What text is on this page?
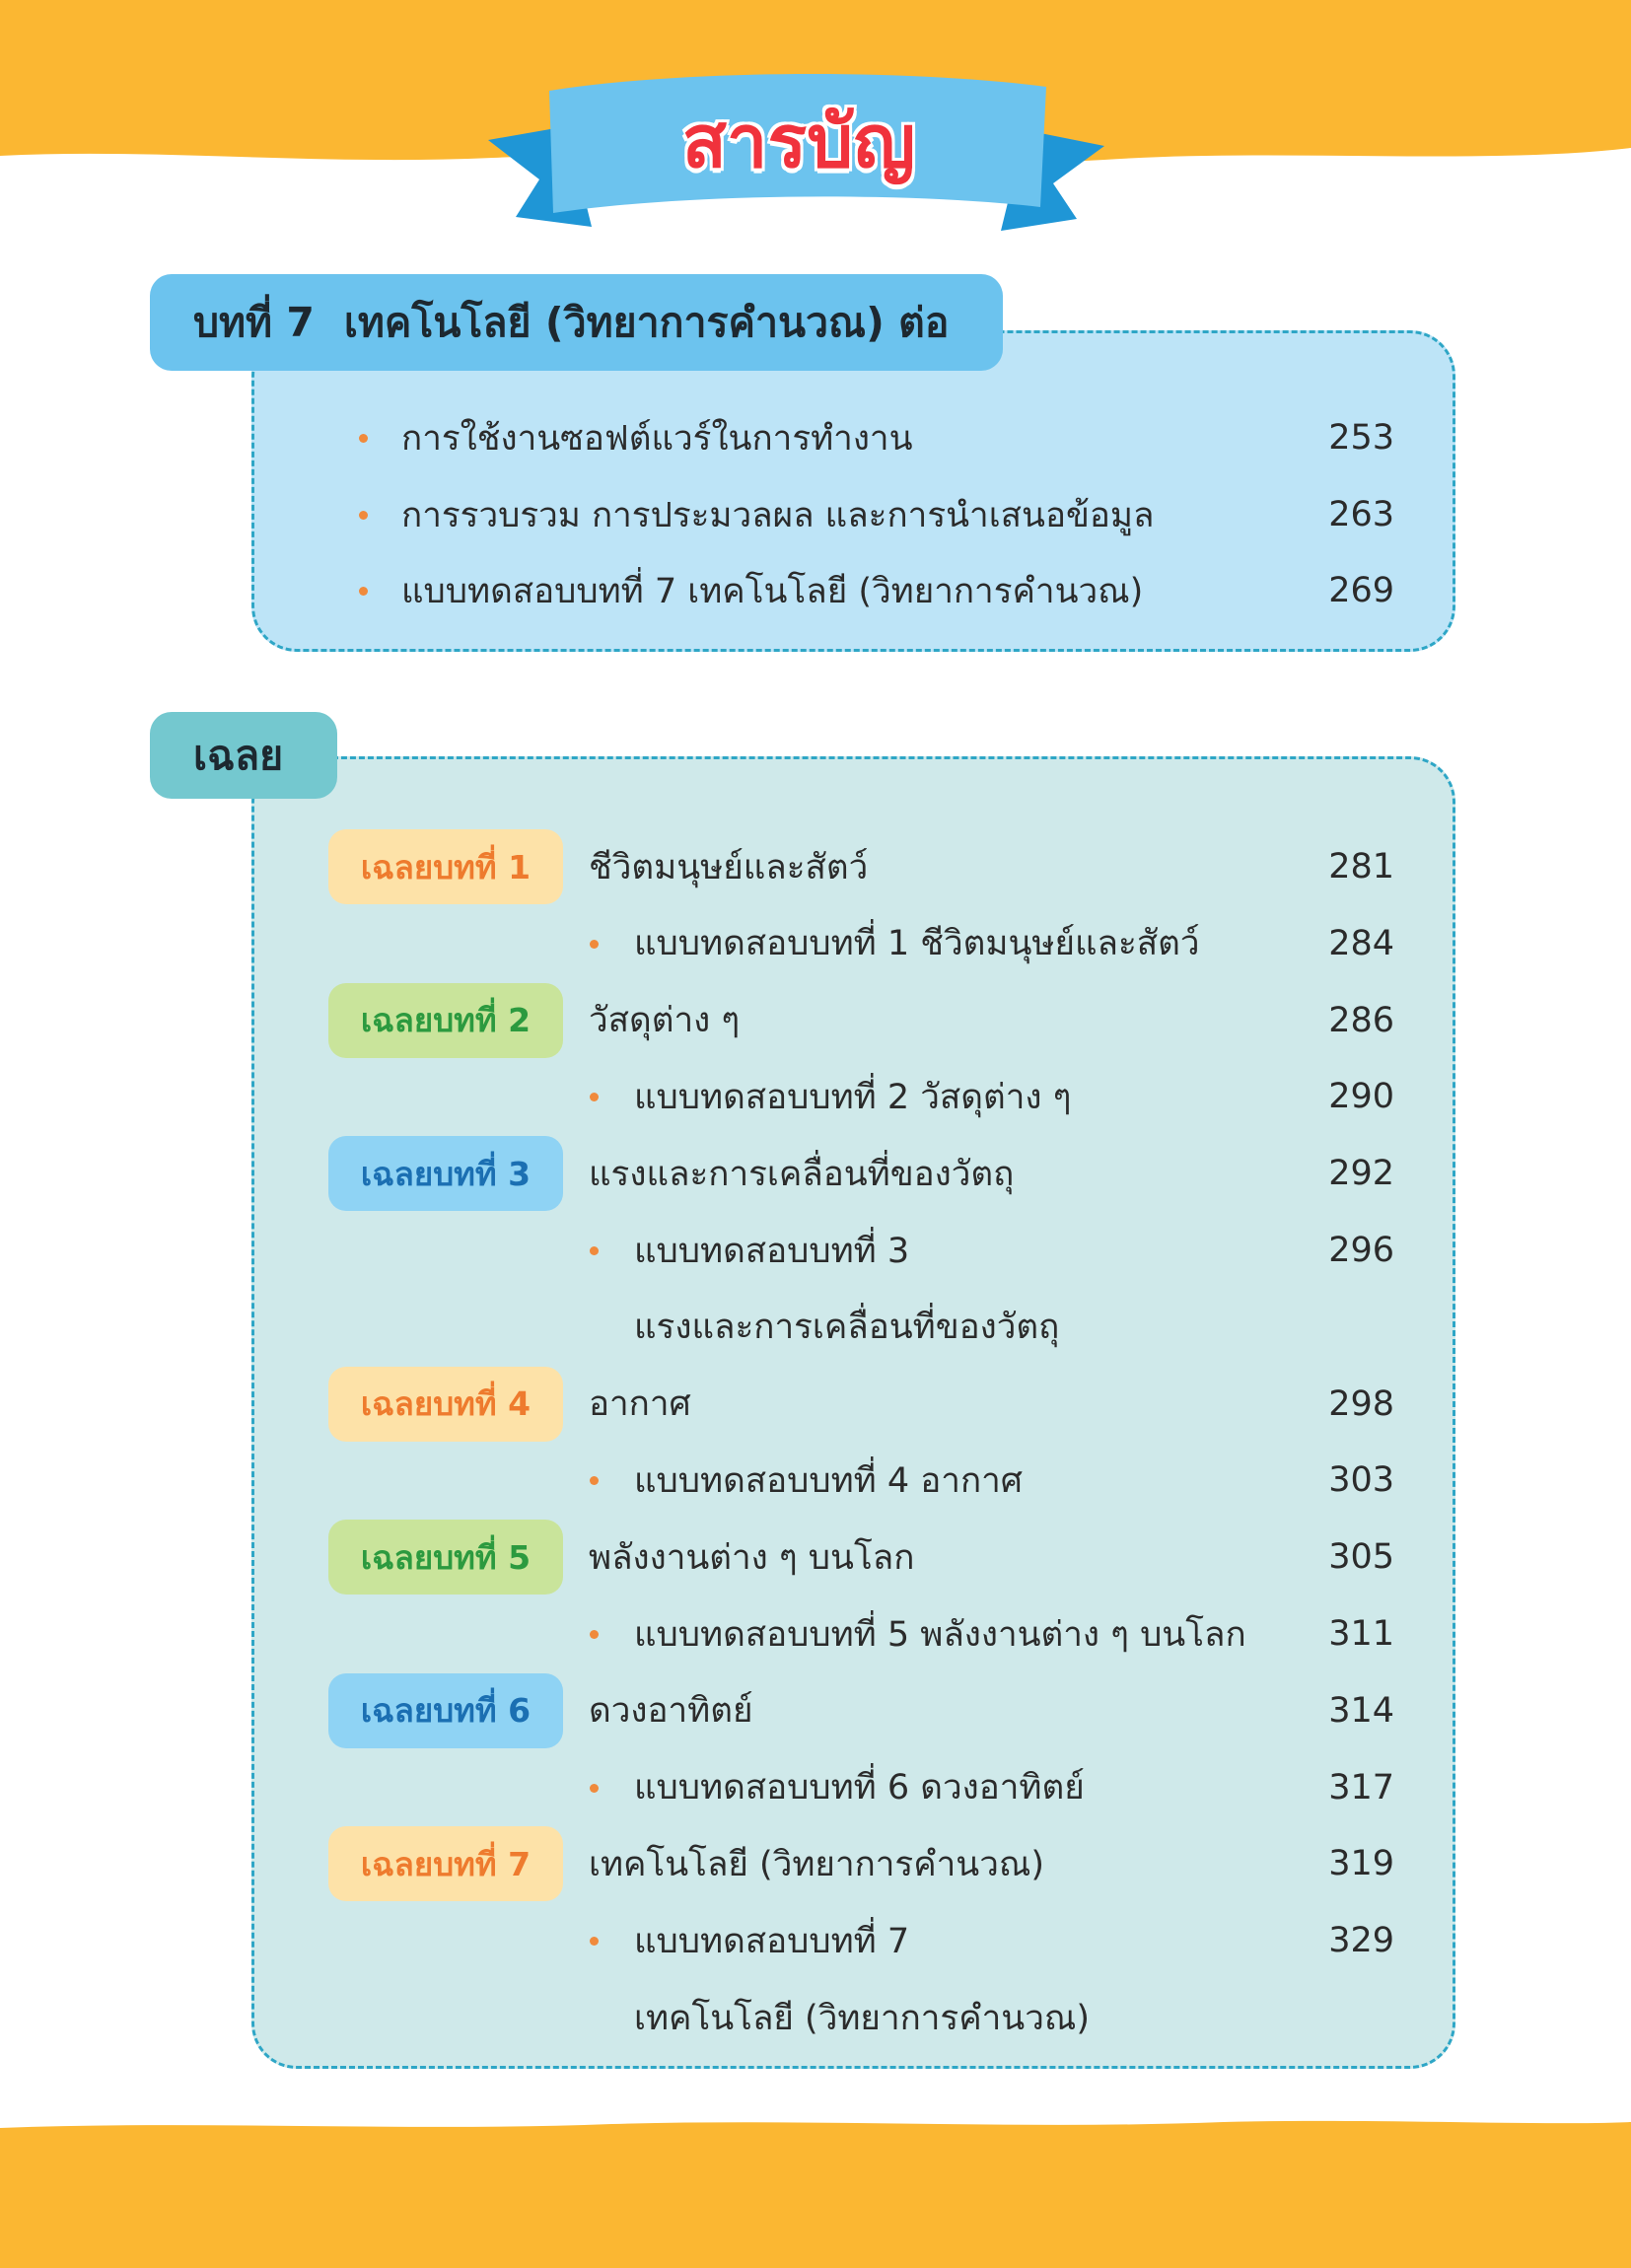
สารบัญ
บทที่ 7 เทคโนโลยี (วิทยาการคำนวณ) ต่อ
การใช้งานซอฟต์แวร์ในการทำงาน	253
การรวบรวม การประมวลผล และการนำเสนอข้อมูล	263
แบบทดสอบบทที่ 7 เทคโนโลยี (วิทยาการคำนวณ)	269
เฉลย
เฉลยบทที่ 1	ชีวิตมนุษย์และสัตว์	281
แบบทดสอบบทที่ 1 ชีวิตมนุษย์และสัตว์	284
เฉลยบทที่ 2	วัสดุต่าง ๆ	286
แบบทดสอบบทที่ 2 วัสดุต่าง ๆ	290
เฉลยบทที่ 3	แรงและการเคลื่อนที่ของวัตถุ	292
แบบทดสอบบทที่ 3	296
แรงและการเคลื่อนที่ของวัตถุ
เฉลยบทที่ 4	อากาศ	298
แบบทดสอบบทที่ 4 อากาศ	303
เฉลยบทที่ 5	พลังงานต่าง ๆ บนโลก	305
แบบทดสอบบทที่ 5 พลังงานต่าง ๆ บนโลก 311
เฉลยบทที่ 6	ดวงอาทิตย์	314
แบบทดสอบบทที่ 6 ดวงอาทิตย์	317
เฉลยบทที่ 7	เทคโนโลยี (วิทยาการคำนวณ)	319
แบบทดสอบบทที่ 7	329
เทคโนโลยี (วิทยาการคำนวณ)
